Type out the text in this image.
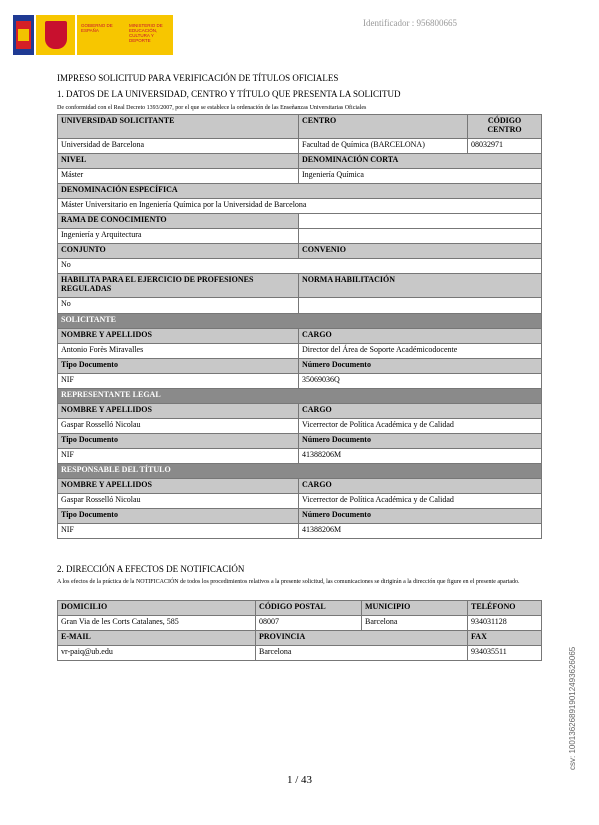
GOBIERNO DE ESPAÑA
MINISTERIO DE EDUCACIÓN, CULTURA Y DEPORTE
Identificador : 956800665
IMPRESO SOLICITUD PARA VERIFICACIÓN DE TÍTULOS OFICIALES
1. DATOS DE LA UNIVERSIDAD, CENTRO Y TÍTULO QUE PRESENTA LA SOLICITUD
De conformidad con el Real Decreto 1393/2007, por el que se establece la ordenación de las Enseñanzas Universitarias Oficiales
UNIVERSIDAD SOLICITANTE	CENTRO	CÓDIGO CENTRO
Universidad de Barcelona	Facultad de Química (BARCELONA)	08032971
NIVEL	DENOMINACIÓN CORTA	
Máster	Ingeniería Química	
DENOMINACIÓN ESPECÍFICA		
Máster Universitario en Ingeniería Química por la Universidad de Barcelona		
RAMA DE CONOCIMIENTO		
Ingeniería y Arquitectura		
CONJUNTO	CONVENIO	
No		
HABILITA PARA EL EJERCICIO DE PROFESIONES REGULADAS	NORMA HABILITACIÓN	
No		
SOLICITANTE		
NOMBRE Y APELLIDOS	CARGO	
Antonio Forès Miravalles	Director del Área de Soporte Académicodocente	
Tipo Documento	Número Documento	
NIF	35069036Q	
REPRESENTANTE LEGAL		
NOMBRE Y APELLIDOS	CARGO	
Gaspar Rosselló Nicolau	Vicerrector de Política Académica y de Calidad	
Tipo Documento	Número Documento	
NIF	41388206M	
RESPONSABLE DEL TÍTULO		
NOMBRE Y APELLIDOS	CARGO	
Gaspar Rosselló Nicolau	Vicerrector de Política Académica y de Calidad	
Tipo Documento	Número Documento	
NIF	41388206M	
2. DIRECCIÓN A EFECTOS DE NOTIFICACIÓN
A los efectos de la práctica de la NOTIFICACIÓN de todos los procedimientos relativos a la presente solicitud, las comunicaciones se dirigirán a la dirección que figure en el presente apartado.
DOMICILIO	CÓDIGO POSTAL	MUNICIPIO	TELÉFONO
Gran Via de les Corts Catalanes, 585	08007	Barcelona	934031128
E-MAIL	PROVINCIA		FAX
vr-paiq@ub.edu	Barcelona		934035511	csv: 100136268919012493626065
1 / 43
